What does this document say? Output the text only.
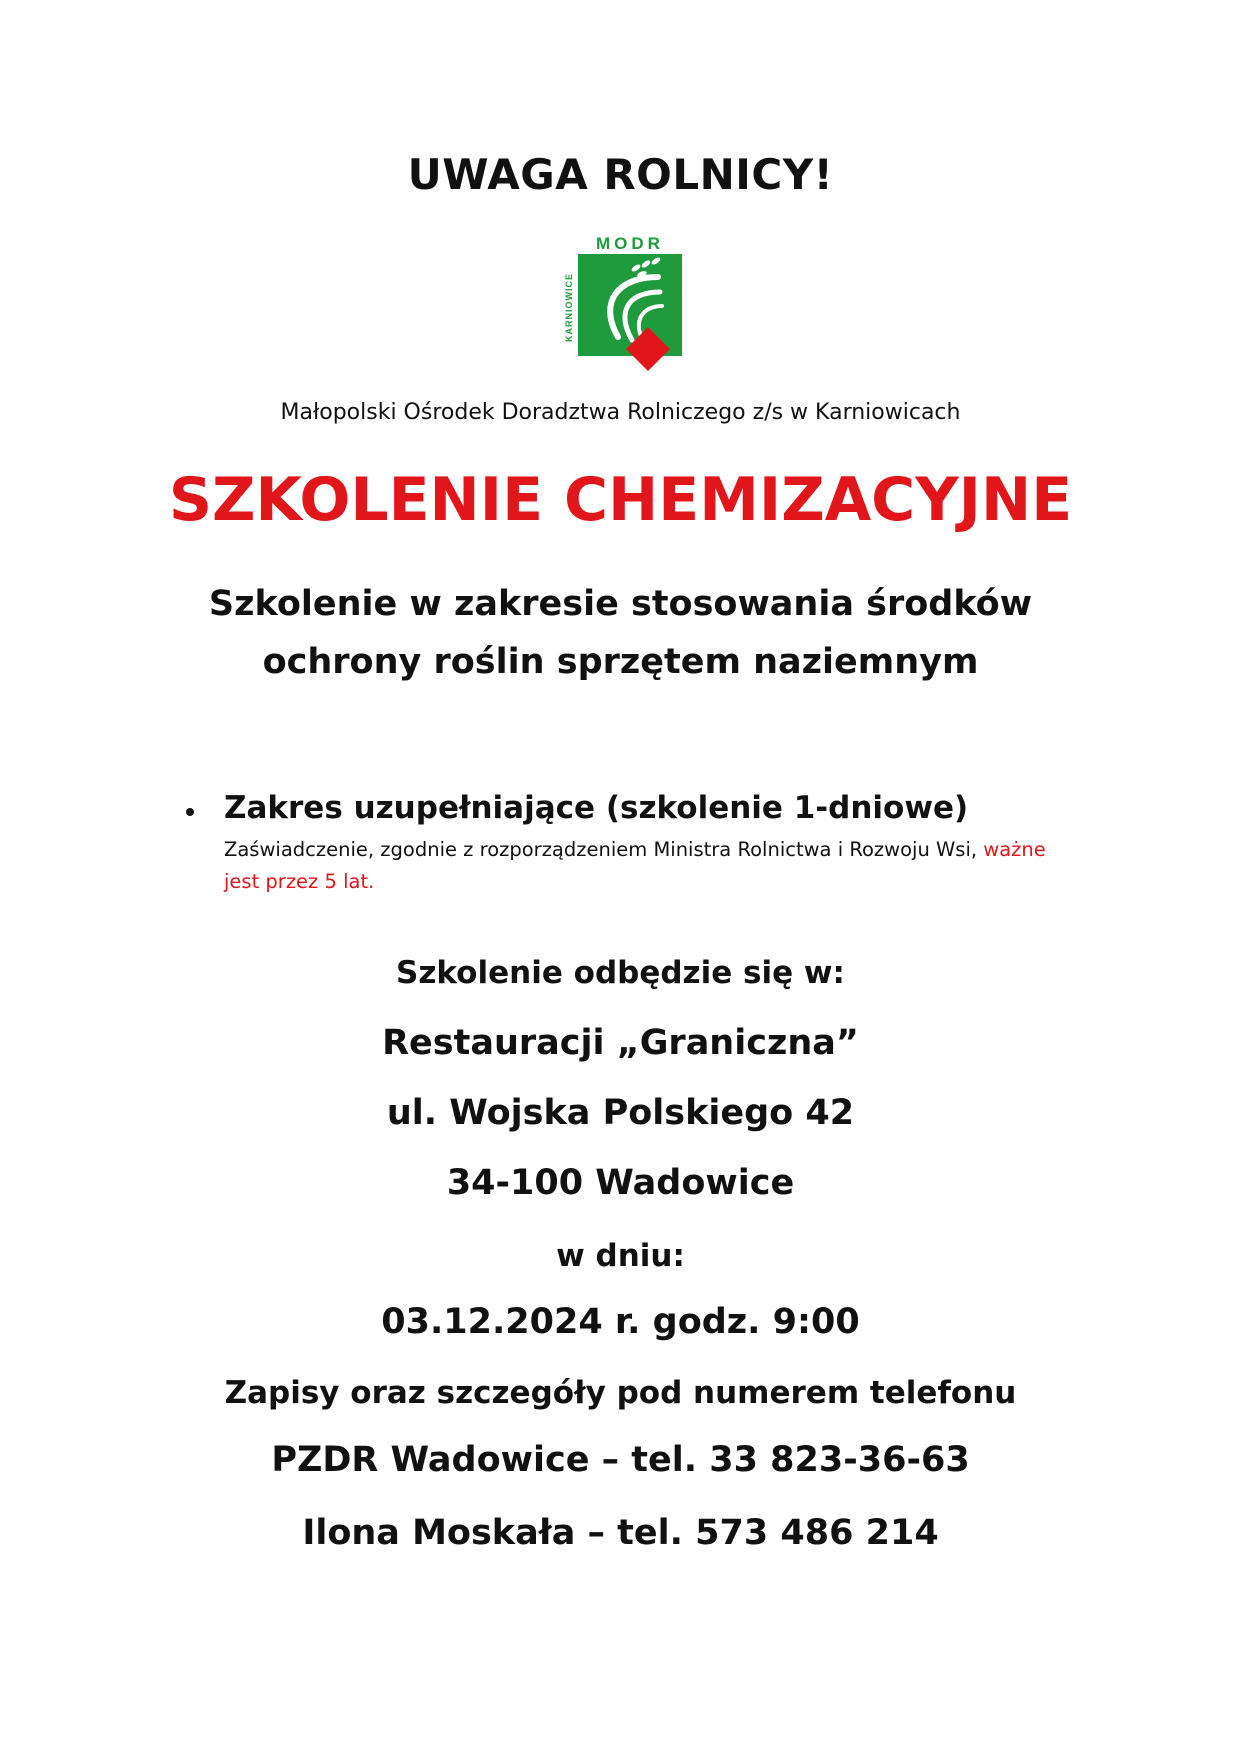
UWAGA ROLNICY!
MODR
KARNIOWICE
Małopolski Ośrodek Doradztwa Rolniczego z/s w Karniowicach
SZKOLENIE CHEMIZACYJNE
Szkolenie w zakresie stosowania środków
ochrony roślin sprzętem naziemnym
Zakres uzupełniające (szkolenie 1-dniowe)
Zaświadczenie, zgodnie z rozporządzeniem Ministra Rolnictwa i Rozwoju Wsi, ważne jest przez 5 lat.
Szkolenie odbędzie się w:
Restauracji „Graniczna”
ul. Wojska Polskiego 42
34-100 Wadowice
w dniu:
03.12.2024 r. godz. 9:00
Zapisy oraz szczegóły pod numerem telefonu
PZDR Wadowice – tel. 33 823-36-63
Ilona Moskała – tel. 573 486 214
